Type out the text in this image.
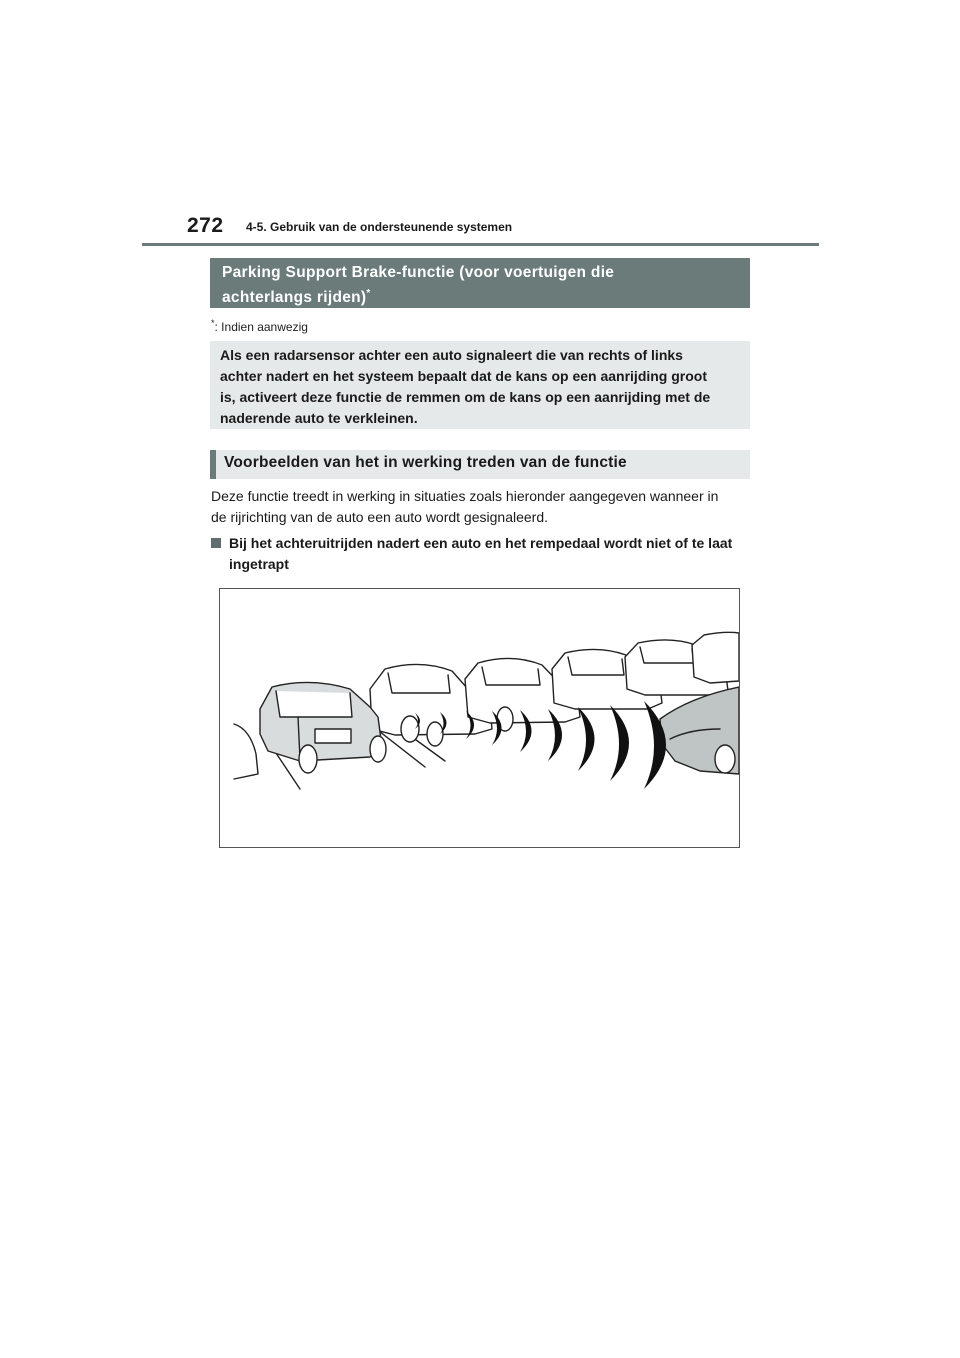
272 4-5. Gebruik van de ondersteunende systemen
Parking Support Brake-functie (voor voertuigen die
achterlangs rijden)*
*: Indien aanwezig
Als een radarsensor achter een auto signaleert die van rechts of links
achter nadert en het systeem bepaalt dat de kans op een aanrijding groot
is, activeert deze functie de remmen om de kans op een aanrijding met de
naderende auto te verkleinen.
Voorbeelden van het in werking treden van de functie

Deze functie treedt in werking in situaties zoals hieronder aangegeven wanneer in
de rijrichting van de auto een auto wordt gesignaleerd.

Bij het achteruitrijden nadert een auto en het rempedaal wordt niet of te laat
ingetrapt
